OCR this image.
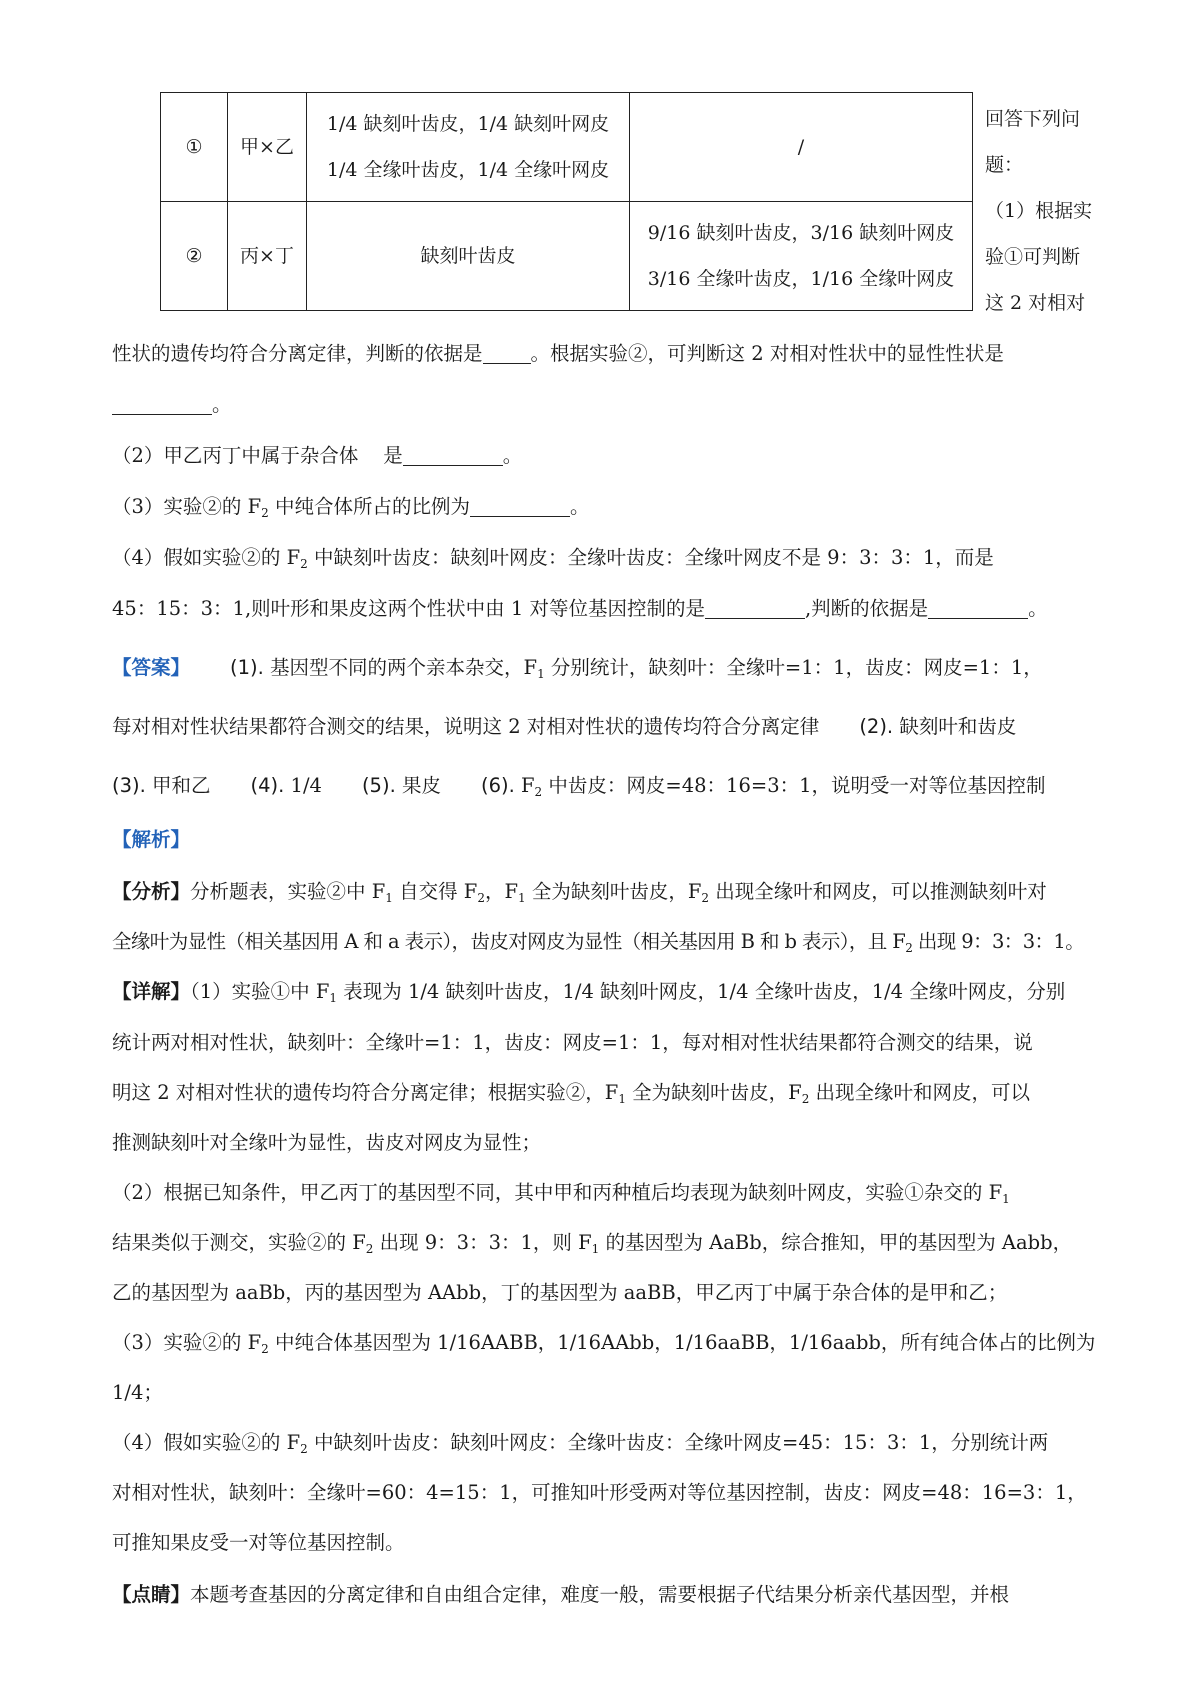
①	甲×乙	1/4 缺刻叶齿皮，1/4 缺刻叶网皮
1/4 全缘叶齿皮，1/4 全缘叶网皮	/
②	丙×丁	缺刻叶齿皮	9/16 缺刻叶齿皮，3/16 缺刻叶网皮
3/16 全缘叶齿皮，1/16 全缘叶网皮

回答下列问

题：

（1）根据实

验①可判断

这 2 对相对

性状的遗传均符合分离定律，判断的依据是 。根据实验②，可判断这 2 对相对性状中的显性性状是
。
（2）甲乙丙丁中属于杂合体 是	。
（3）实验②的 $F_2$ 中纯合体所占的比例为	。
（4）假如实验②的 $F_2$ 中缺刻叶齿皮：缺刻叶网皮：全缘叶齿皮：全缘叶网皮不是 9：3：3：1，而是
45：15：3：1,则叶形和果皮这两个性状中由 1 对等位基因控制的是	,判断的依据是	。
【答案】 (1). 基因型不同的两个亲本杂交，$F_1$ 分别统计，缺刻叶：全缘叶=1：1，齿皮：网皮=1：1，
每对相对性状结果都符合测交的结果，说明这 2 对相对性状的遗传均符合分离定律 (2). 缺刻叶和齿皮
(3). 甲和乙 (4). 1/4 (5). 果皮 (6). $F_2$ 中齿皮：网皮=48：16=3：1，说明受一对等位基因控制
【解析】
【分析】分析题表，实验②中 $F_1$ 自交得 $F_2$，$F_1$ 全为缺刻叶齿皮，$F_2$ 出现全缘叶和网皮，可以推测缺刻叶对
全缘叶为显性（相关基因用 A 和 a 表示），齿皮对网皮为显性（相关基因用 B 和 b 表示），且 $F_2$ 出现 9：3：3：1。
【详解】（1）实验①中 $F_1$ 表现为 1/4 缺刻叶齿皮，1/4 缺刻叶网皮，1/4 全缘叶齿皮，1/4 全缘叶网皮，分别
统计两对相对性状，缺刻叶：全缘叶=1：1，齿皮：网皮=1：1，每对相对性状结果都符合测交的结果，说
明这 2 对相对性状的遗传均符合分离定律；根据实验②，$F_1$ 全为缺刻叶齿皮，$F_2$ 出现全缘叶和网皮，可以
推测缺刻叶对全缘叶为显性，齿皮对网皮为显性；
（2）根据已知条件，甲乙丙丁的基因型不同，其中甲和丙种植后均表现为缺刻叶网皮，实验①杂交的 $F_1$
结果类似于测交，实验②的 $F_2$ 出现 9：3：3：1，则 $F_1$ 的基因型为 AaBb，综合推知，甲的基因型为 Aabb，
乙的基因型为 aaBb，丙的基因型为 AAbb，丁的基因型为 aaBB，甲乙丙丁中属于杂合体的是甲和乙；
（3）实验②的 $F_2$ 中纯合体基因型为 1/16AABB，1/16AAbb，1/16aaBB，1/16aabb，所有纯合体占的比例为
1/4；
（4）假如实验②的 $F_2$ 中缺刻叶齿皮：缺刻叶网皮：全缘叶齿皮：全缘叶网皮=45：15：3：1，分别统计两
对相对性状，缺刻叶：全缘叶=60：4=15：1，可推知叶形受两对等位基因控制，齿皮：网皮=48：16=3：1，
可推知果皮受一对等位基因控制。
【点睛】本题考查基因的分离定律和自由组合定律，难度一般，需要根据子代结果分析亲代基因型，并根
